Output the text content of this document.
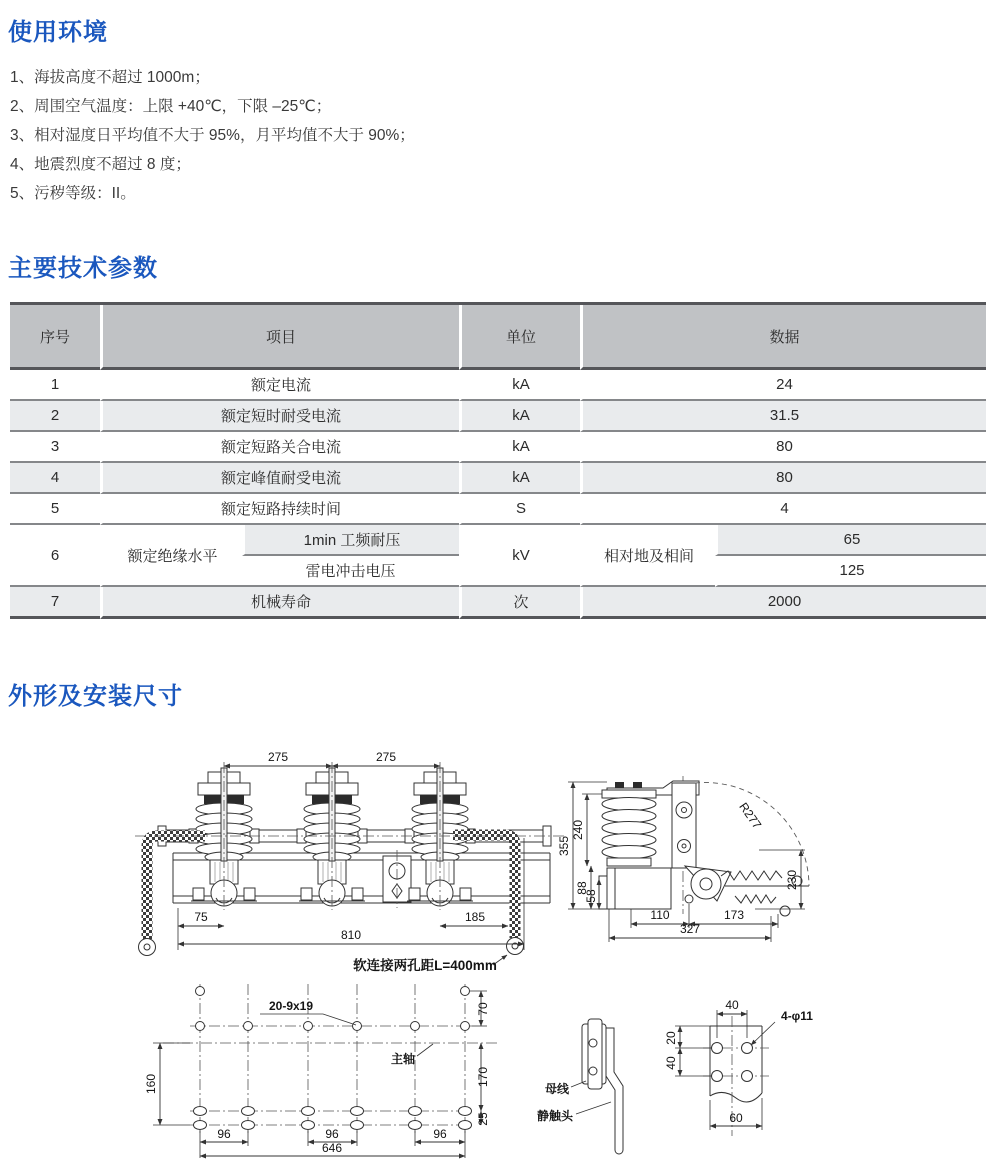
使用环境
1、海拔高度不超过 1000m；
2、周围空气温度：上限 +40℃，下限 –25℃；
3、相对湿度日平均值不大于 95%，月平均值不大于 90%；
4、地震烈度不超过 8 度；
5、污秽等级：II。
主要技术参数
序号	项目		单位	数据	
1	额定电流		kA	24	
2	额定短时耐受电流		kA	31.5	
3	额定短路关合电流		kA	80	
4	额定峰值耐受电流		kA	80	
5	额定短路持续时间		S	4	
6	额定绝缘水平	1min 工频耐压	kV	相对地及相间	65
		雷电冲击电压			125
7	机械寿命		次	2000	
外形及安装尺寸
275	275
75	185
810
软连接两孔距L=400mm
R277
355
240
88
58
230
110	173
327
20-9x19
主轴
160
70
170
25
96	96	96
646
母线
静触头
40
4-φ11
20
40
60
